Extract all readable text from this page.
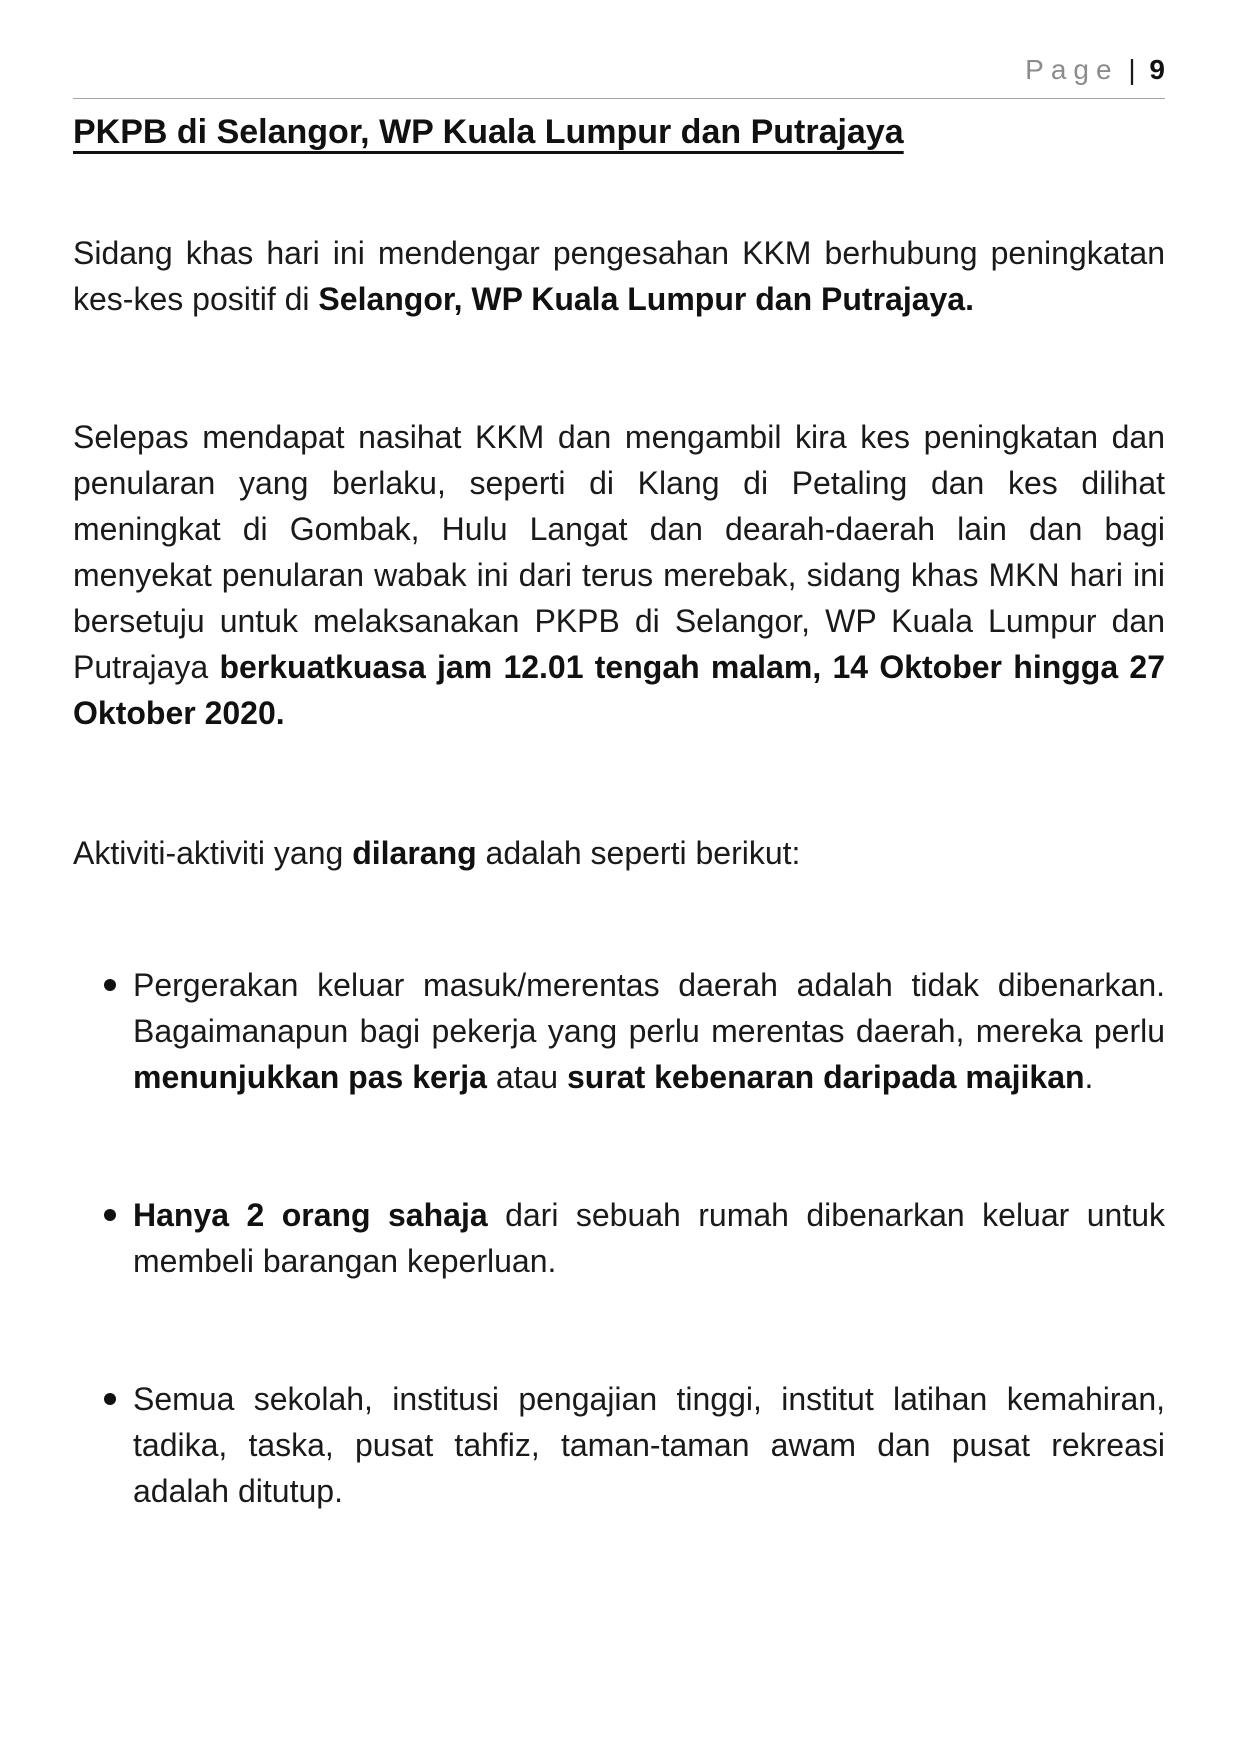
Page | 9
PKPB di Selangor, WP Kuala Lumpur dan Putrajaya

Sidang khas hari ini mendengar pengesahan KKM berhubung peningkatan kes-kes positif di Selangor, WP Kuala Lumpur dan Putrajaya.

Selepas mendapat nasihat KKM dan mengambil kira kes peningkatan dan penularan yang berlaku, seperti di Klang di Petaling dan kes dilihat meningkat di Gombak, Hulu Langat dan dearah-daerah lain dan bagi menyekat penularan wabak ini dari terus merebak, sidang khas MKN hari ini bersetuju untuk melaksanakan PKPB di Selangor, WP Kuala Lumpur dan Putrajaya berkuatkuasa jam 12.01 tengah malam, 14 Oktober hingga 27 Oktober 2020.

Aktiviti-aktiviti yang dilarang adalah seperti berikut:

Pergerakan keluar masuk/merentas daerah adalah tidak dibenarkan. Bagaimanapun bagi pekerja yang perlu merentas daerah, mereka perlu menunjukkan pas kerja atau surat kebenaran daripada majikan.
Hanya 2 orang sahaja dari sebuah rumah dibenarkan keluar untuk membeli barangan keperluan.
Semua sekolah, institusi pengajian tinggi, institut latihan kemahiran, tadika, taska, pusat tahfiz, taman-taman awam dan pusat rekreasi adalah ditutup.
